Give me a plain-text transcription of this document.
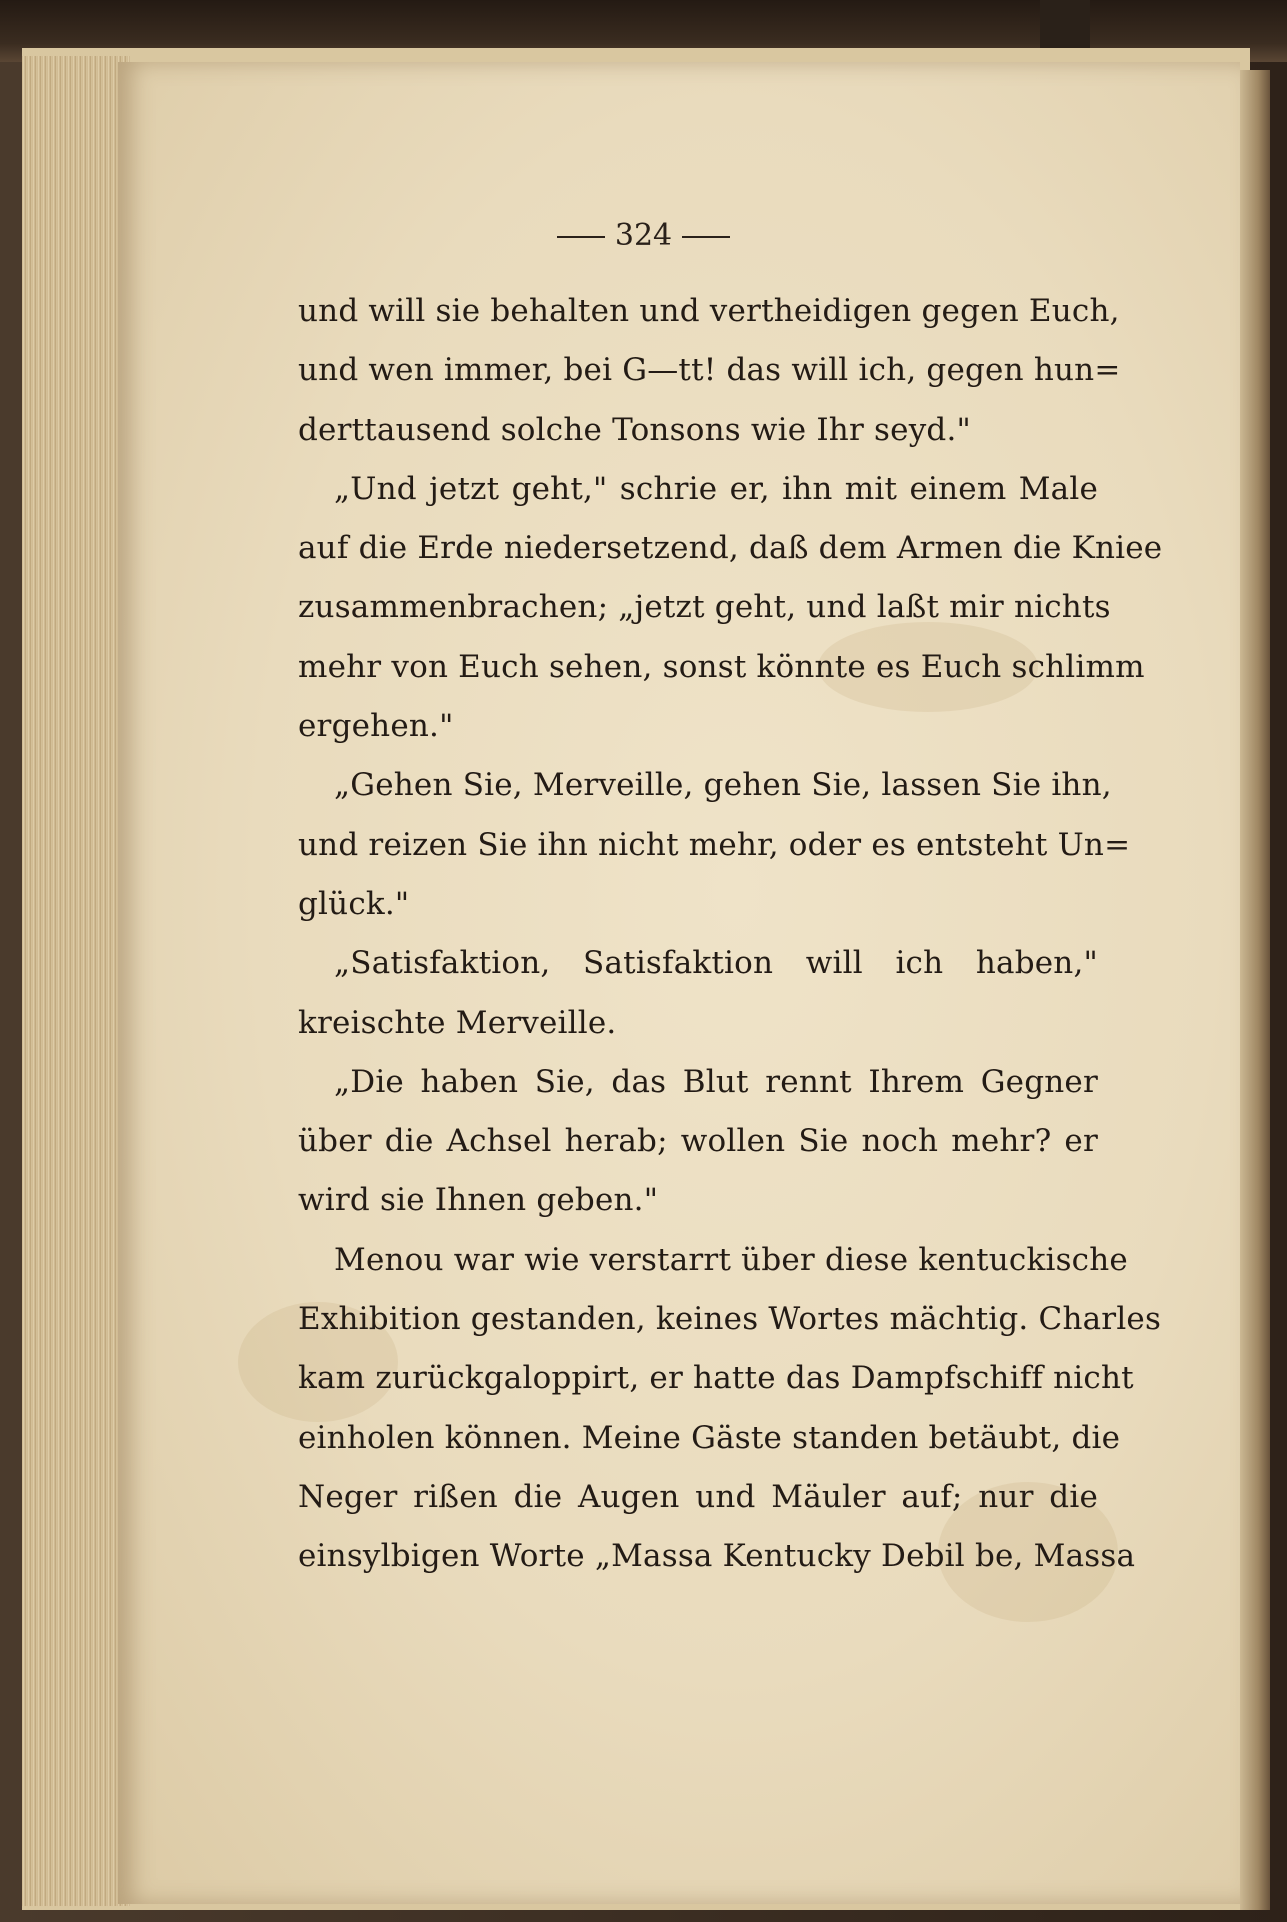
324
und will sie behalten und vertheidigen gegen Euch,
und wen immer, bei G—tt! das will ich, gegen hun=
derttausend solche Tonsons wie Ihr seyd."
„Und jetzt geht," schrie er, ihn mit einem Male
auf die Erde niedersetzend, daß dem Armen die Kniee
zusammenbrachen; „jetzt geht, und laßt mir nichts
mehr von Euch sehen, sonst könnte es Euch schlimm
ergehen."
„Gehen Sie, Merveille, gehen Sie, lassen Sie ihn,
und reizen Sie ihn nicht mehr, oder es entsteht Un=
glück."
„Satisfaktion, Satisfaktion will ich haben,"
kreischte Merveille.
„Die haben Sie, das Blut rennt Ihrem Gegner
über die Achsel herab; wollen Sie noch mehr? er
wird sie Ihnen geben."
Menou war wie verstarrt über diese kentuckische
Exhibition gestanden, keines Wortes mächtig. Charles
kam zurückgaloppirt, er hatte das Dampfschiff nicht
einholen können. Meine Gäste standen betäubt, die
Neger rißen die Augen und Mäuler auf; nur die
einsylbigen Worte „Massa Kentucky Debil be, Massa
